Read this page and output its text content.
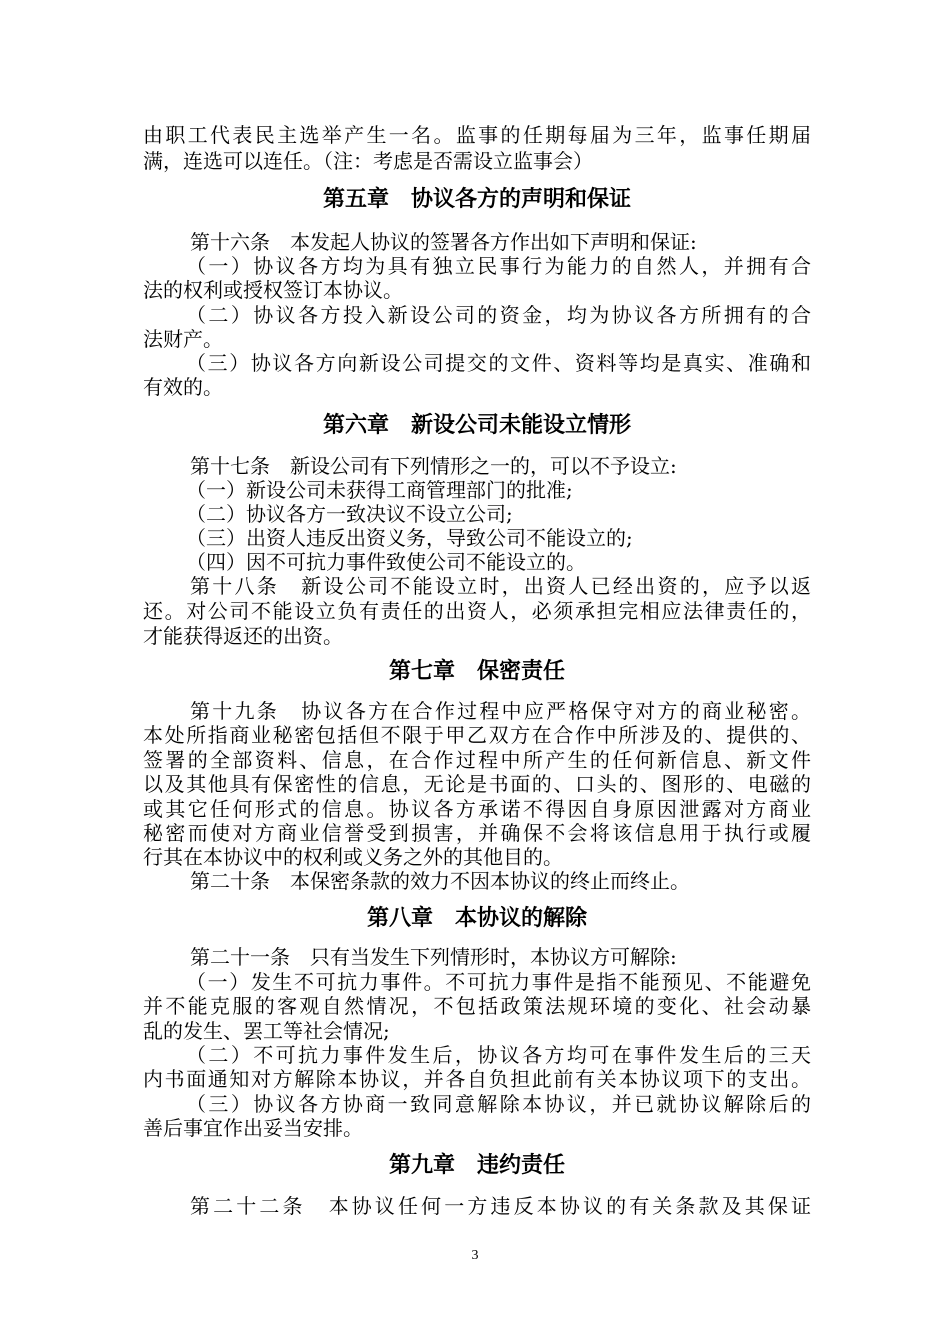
由职工代表民主选举产生一名。监事的任期每届为三年，监事任期届
满，连选可以连任。（注：考虑是否需设立监事会）
第五章　协议各方的声明和保证
第十六条　本发起人协议的签署各方作出如下声明和保证:
（一）协议各方均为具有独立民事行为能力的自然人，并拥有合
法的权利或授权签订本协议。
（二）协议各方投入新设公司的资金，均为协议各方所拥有的合
法财产。
（三）协议各方向新设公司提交的文件、资料等均是真实、准确和
有效的。
第六章　新设公司未能设立情形
第十七条　新设公司有下列情形之一的，可以不予设立:
（一）新设公司未获得工商管理部门的批准;
（二）协议各方一致决议不设立公司;
（三）出资人违反出资义务，导致公司不能设立的;
（四）因不可抗力事件致使公司不能设立的。
第十八条　新设公司不能设立时，出资人已经出资的，应予以返
还。对公司不能设立负有责任的出资人，必须承担完相应法律责任的，
才能获得返还的出资。
第七章　保密责任
第十九条　协议各方在合作过程中应严格保守对方的商业秘密。
本处所指商业秘密包括但不限于甲乙双方在合作中所涉及的、提供的、
签署的全部资料、信息，在合作过程中所产生的任何新信息、新文件
以及其他具有保密性的信息，无论是书面的、口头的、图形的、电磁的
或其它任何形式的信息。协议各方承诺不得因自身原因泄露对方商业
秘密而使对方商业信誉受到损害，并确保不会将该信息用于执行或履
行其在本协议中的权利或义务之外的其他目的。
第二十条　本保密条款的效力不因本协议的终止而终止。
第八章　本协议的解除
第二十一条　只有当发生下列情形时，本协议方可解除:
（一）发生不可抗力事件。不可抗力事件是指不能预见、不能避免
并不能克服的客观自然情况，不包括政策法规环境的变化、社会动暴
乱的发生、罢工等社会情况;
（二）不可抗力事件发生后，协议各方均可在事件发生后的三天
内书面通知对方解除本协议，并各自负担此前有关本协议项下的支出。
（三）协议各方协商一致同意解除本协议，并已就协议解除后的
善后事宜作出妥当安排。
第九章　违约责任
第二十二条　本协议任何一方违反本协议的有关条款及其保证
3
